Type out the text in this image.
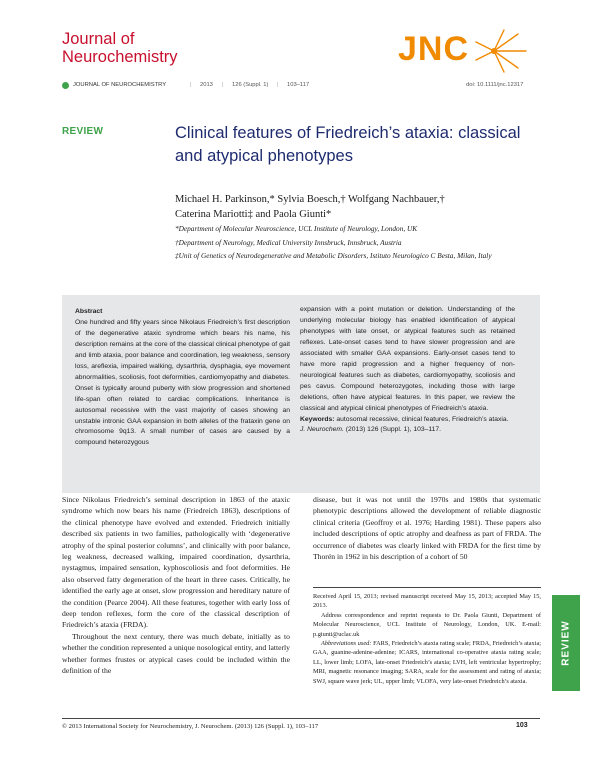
Journal of
Neurochemistry	JNC
JOURNAL OF NEUROCHEMISTRY	| 2013 | 126 (Suppl. 1) | 103–117	doi: 10.1111/jnc.12317
REVIEW	Clinical features of Friedreich’s ataxia: classical and atypical phenotypes
Michael H. Parkinson,* Sylvia Boesch,† Wolfgang Nachbauer,†
Caterina Mariotti‡ and Paola Giunti*
*Department of Molecular Neuroscience, UCL Institute of Neurology, London, UK
†Department of Neurology, Medical University Innsbruck, Innsbruck, Austria
‡Unit of Genetics of Neurodegenerative and Metabolic Disorders, Istituto Neurologico C Besta, Milan, Italy
Abstract
One hundred and fifty years since Nikolaus Friedreich’s first description of the degenerative ataxic syndrome which bears his name, his description remains at the core of the classical clinical phenotype of gait and limb ataxia, poor balance and coordination, leg weakness, sensory loss, areflexia, impaired walking, dysarthria, dysphagia, eye movement abnormalities, scoliosis, foot deformities, cardiomyopathy and diabetes. Onset is typically around puberty with slow progression and shortened life-span often related to cardiac complications. Inheritance is autosomal recessive with the vast majority of cases showing an unstable intronic GAA expansion in both alleles of the frataxin gene on chromosome 9q13. A small number of cases are caused by a compound heterozygous
expansion with a point mutation or deletion. Understanding of the underlying molecular biology has enabled identification of atypical phenotypes with late onset, or atypical features such as retained reflexes. Late-onset cases tend to have slower progression and are associated with smaller GAA expansions. Early-onset cases tend to have more rapid progression and a higher frequency of non-neurological features such as diabetes, cardiomyopathy, scoliosis and pes cavus. Compound heterozygotes, including those with large deletions, often have atypical features. In this paper, we review the classical and atypical clinical phenotypes of Friedreich’s ataxia.
Keywords: autosomal recessive, clinical features, Friedreich’s ataxia.
J. Neurochem. (2013) 126 (Suppl. 1), 103–117.

Since Nikolaus Friedreich’s seminal description in 1863 of the ataxic syndrome which now bears his name (Friedreich 1863), descriptions of the clinical phenotype have evolved and extended. Friedreich initially described six patients in two families, pathologically with ‘degenerative atrophy of the spinal posterior columns’, and clinically with poor balance, leg weakness, decreased walking, impaired coordination, dysarthria, nystagmus, impaired sensation, kyphoscoliosis and foot deformities. He also observed fatty degeneration of the heart in three cases. Critically, he identified the early age at onset, slow progression and hereditary nature of the condition (Pearce 2004). All these features, together with early loss of deep tendon reflexes, form the core of the classical description of Friedreich’s ataxia (FRDA).

Throughout the next century, there was much debate, initially as to whether the condition represented a unique nosological entity, and latterly whether formes frustes or atypical cases could be included within the definition of the

disease, but it was not until the 1970s and 1980s that systematic phenotypic descriptions allowed the development of reliable diagnostic clinical criteria (Geoffroy et al. 1976; Harding 1981). These papers also included descriptions of optic atrophy and deafness as part of FRDA. The occurrence of diabetes was clearly linked with FRDA for the first time by Thorén in 1962 in his description of a cohort of 50

Received April 15, 2013; revised manuscript received May 15, 2013; accepted May 15, 2013.
Address correspondence and reprint requests to Dr. Paola Giunti, Department of Molecular Neuroscience, UCL Institute of Neurology, London, UK. E-mail: p.giunti@uclac.uk
Abbreviations used: FARS, Friedreich’s ataxia rating scale; FRDA, Friedreich’s ataxia; GAA, guanine-adenine-adenine; ICARS, international co-operative ataxia rating scale; LL, lower limb; LOFA, late-onset Friedreich’s ataxia; LVH, left ventricular hypertrophy; MRI, magnetic resonance imaging; SARA, scale for the assessment and rating of ataxia; SWJ, square wave jerk; UL, upper limb; VLOFA, very late-onset Friedreich’s ataxia.
© 2013 International Society for Neurochemistry, J. Neurochem. (2013) 126 (Suppl. 1), 103–117	103
REVIEW
